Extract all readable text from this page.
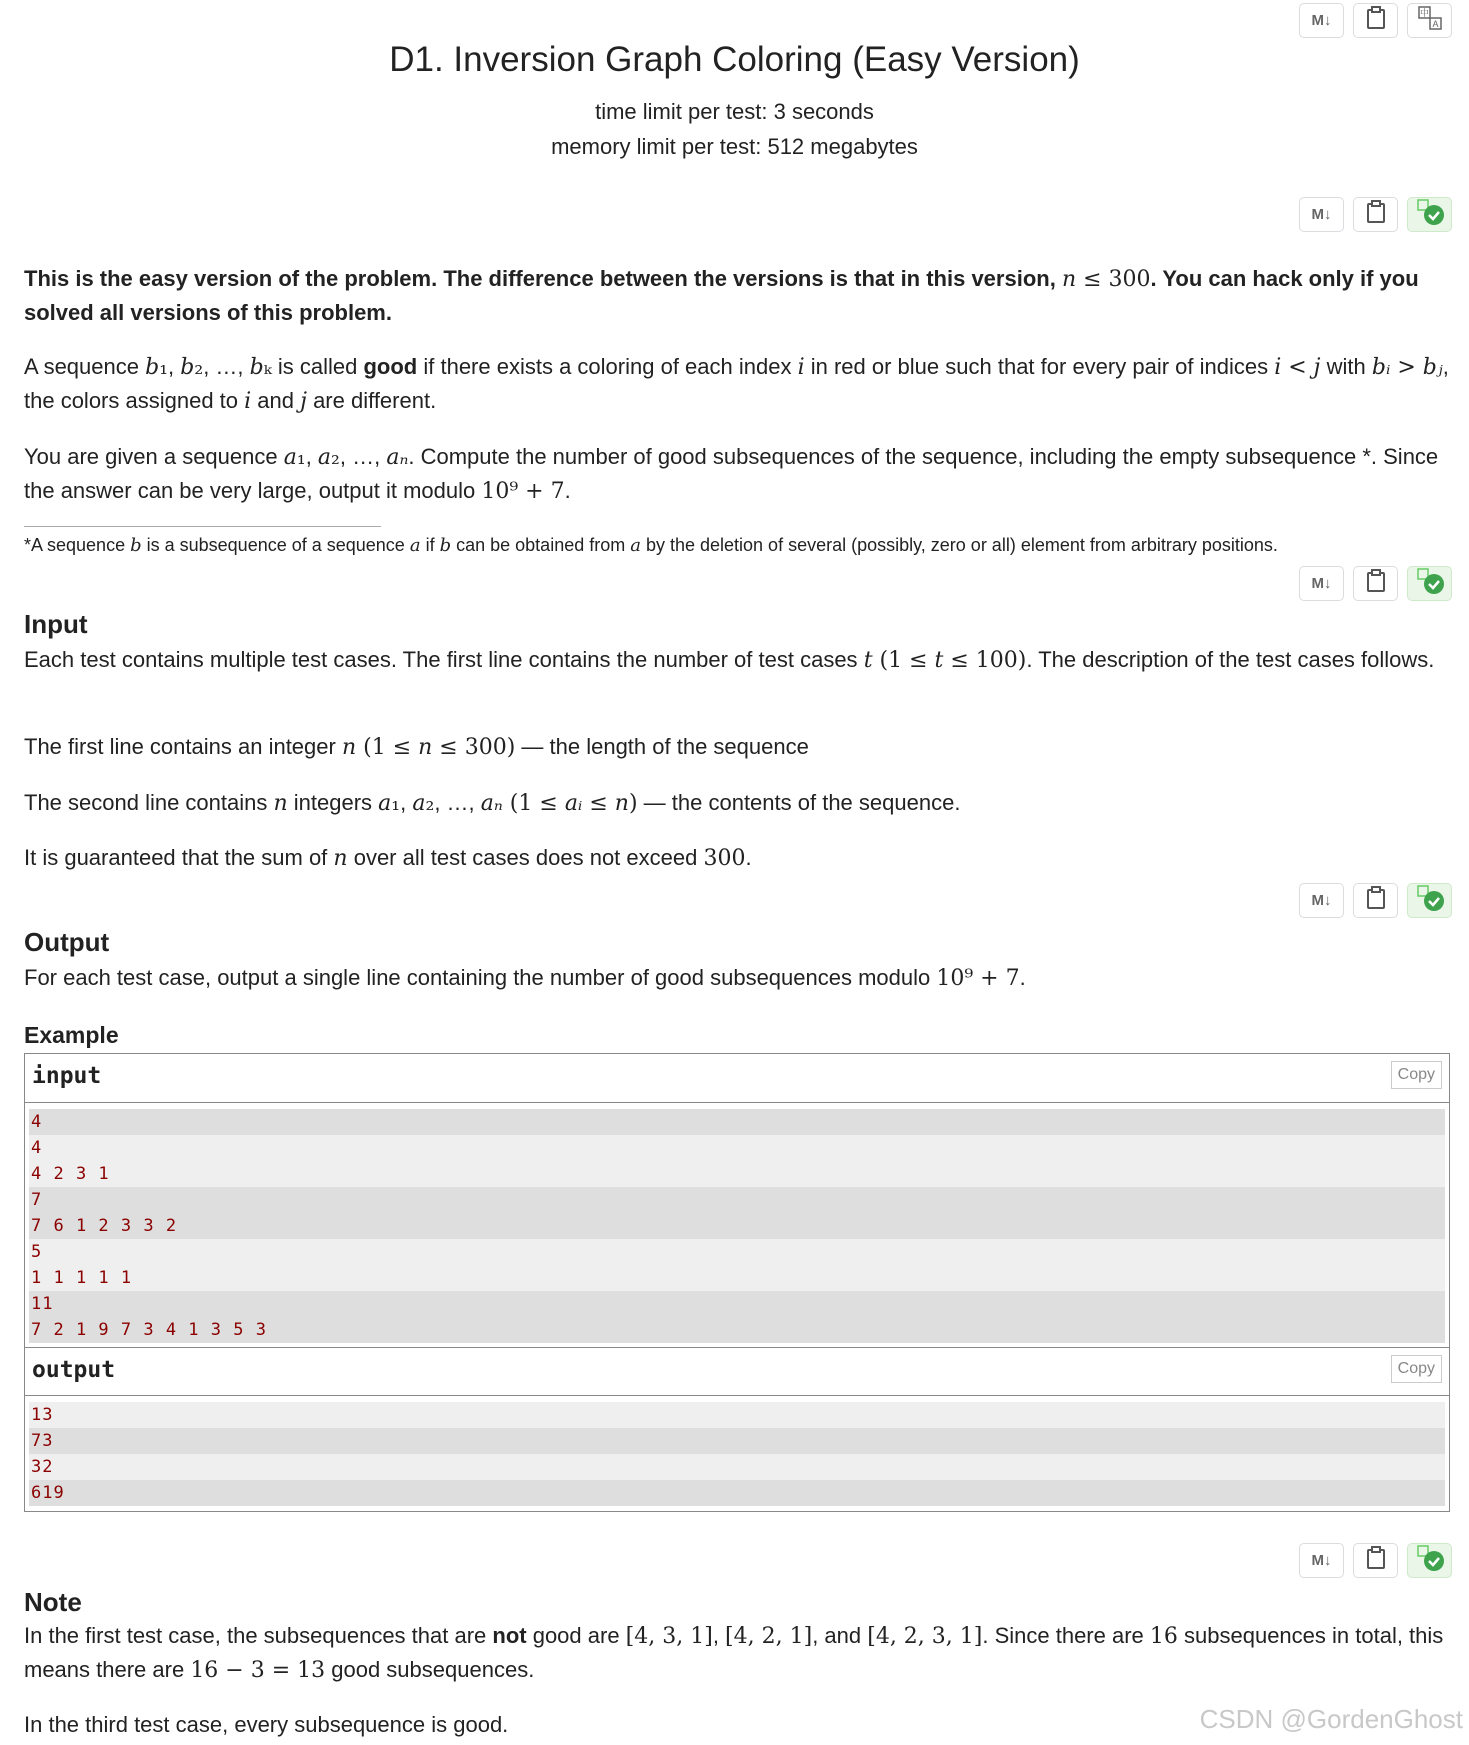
M↓	中
A
D1. Inversion Graph Coloring (Easy Version)
time limit per test: 3 seconds
memory limit per test: 512 megabytes
M↓
This is the easy version of the problem. The difference between the versions is that in this version, n ≤ 300. You can hack only if you solved all versions of this problem.
A sequence b₁, b₂, …, bₖ is called good if there exists a coloring of each index i in red or blue such that for every pair of indices i < j with bᵢ > bⱼ, the colors assigned to i and j are different.
You are given a sequence a₁, a₂, …, aₙ. Compute the number of good subsequences of the sequence, including the empty subsequence *. Since the answer can be very large, output it modulo 10⁹ + 7.
*A sequence b is a subsequence of a sequence a if b can be obtained from a by the deletion of several (possibly, zero or all) element from arbitrary positions.
M↓
Input
Each test contains multiple test cases. The first line contains the number of test cases t (1 ≤ t ≤ 100). The description of the test cases follows.
The first line contains an integer n (1 ≤ n ≤ 300) — the length of the sequence
The second line contains n integers a₁, a₂, …, aₙ (1 ≤ aᵢ ≤ n) — the contents of the sequence.
It is guaranteed that the sum of n over all test cases does not exceed 300.
M↓
Output
For each test case, output a single line containing the number of good subsequences modulo 10⁹ + 7.
Example
input	Copy
4
4
4 2 3 1
7
7 6 1 2 3 3 2
5
1 1 1 1 1
11
7 2 1 9 7 3 4 1 3 5 3
output	Copy
13
73
32
619
M↓
Note
In the first test case, the subsequences that are not good are [4, 3, 1], [4, 2, 1], and [4, 2, 3, 1]. Since there are 16 subsequences in total, this means there are 16 − 3 = 13 good subsequences.
In the third test case, every subsequence is good.	CSDN @GordenGhost
